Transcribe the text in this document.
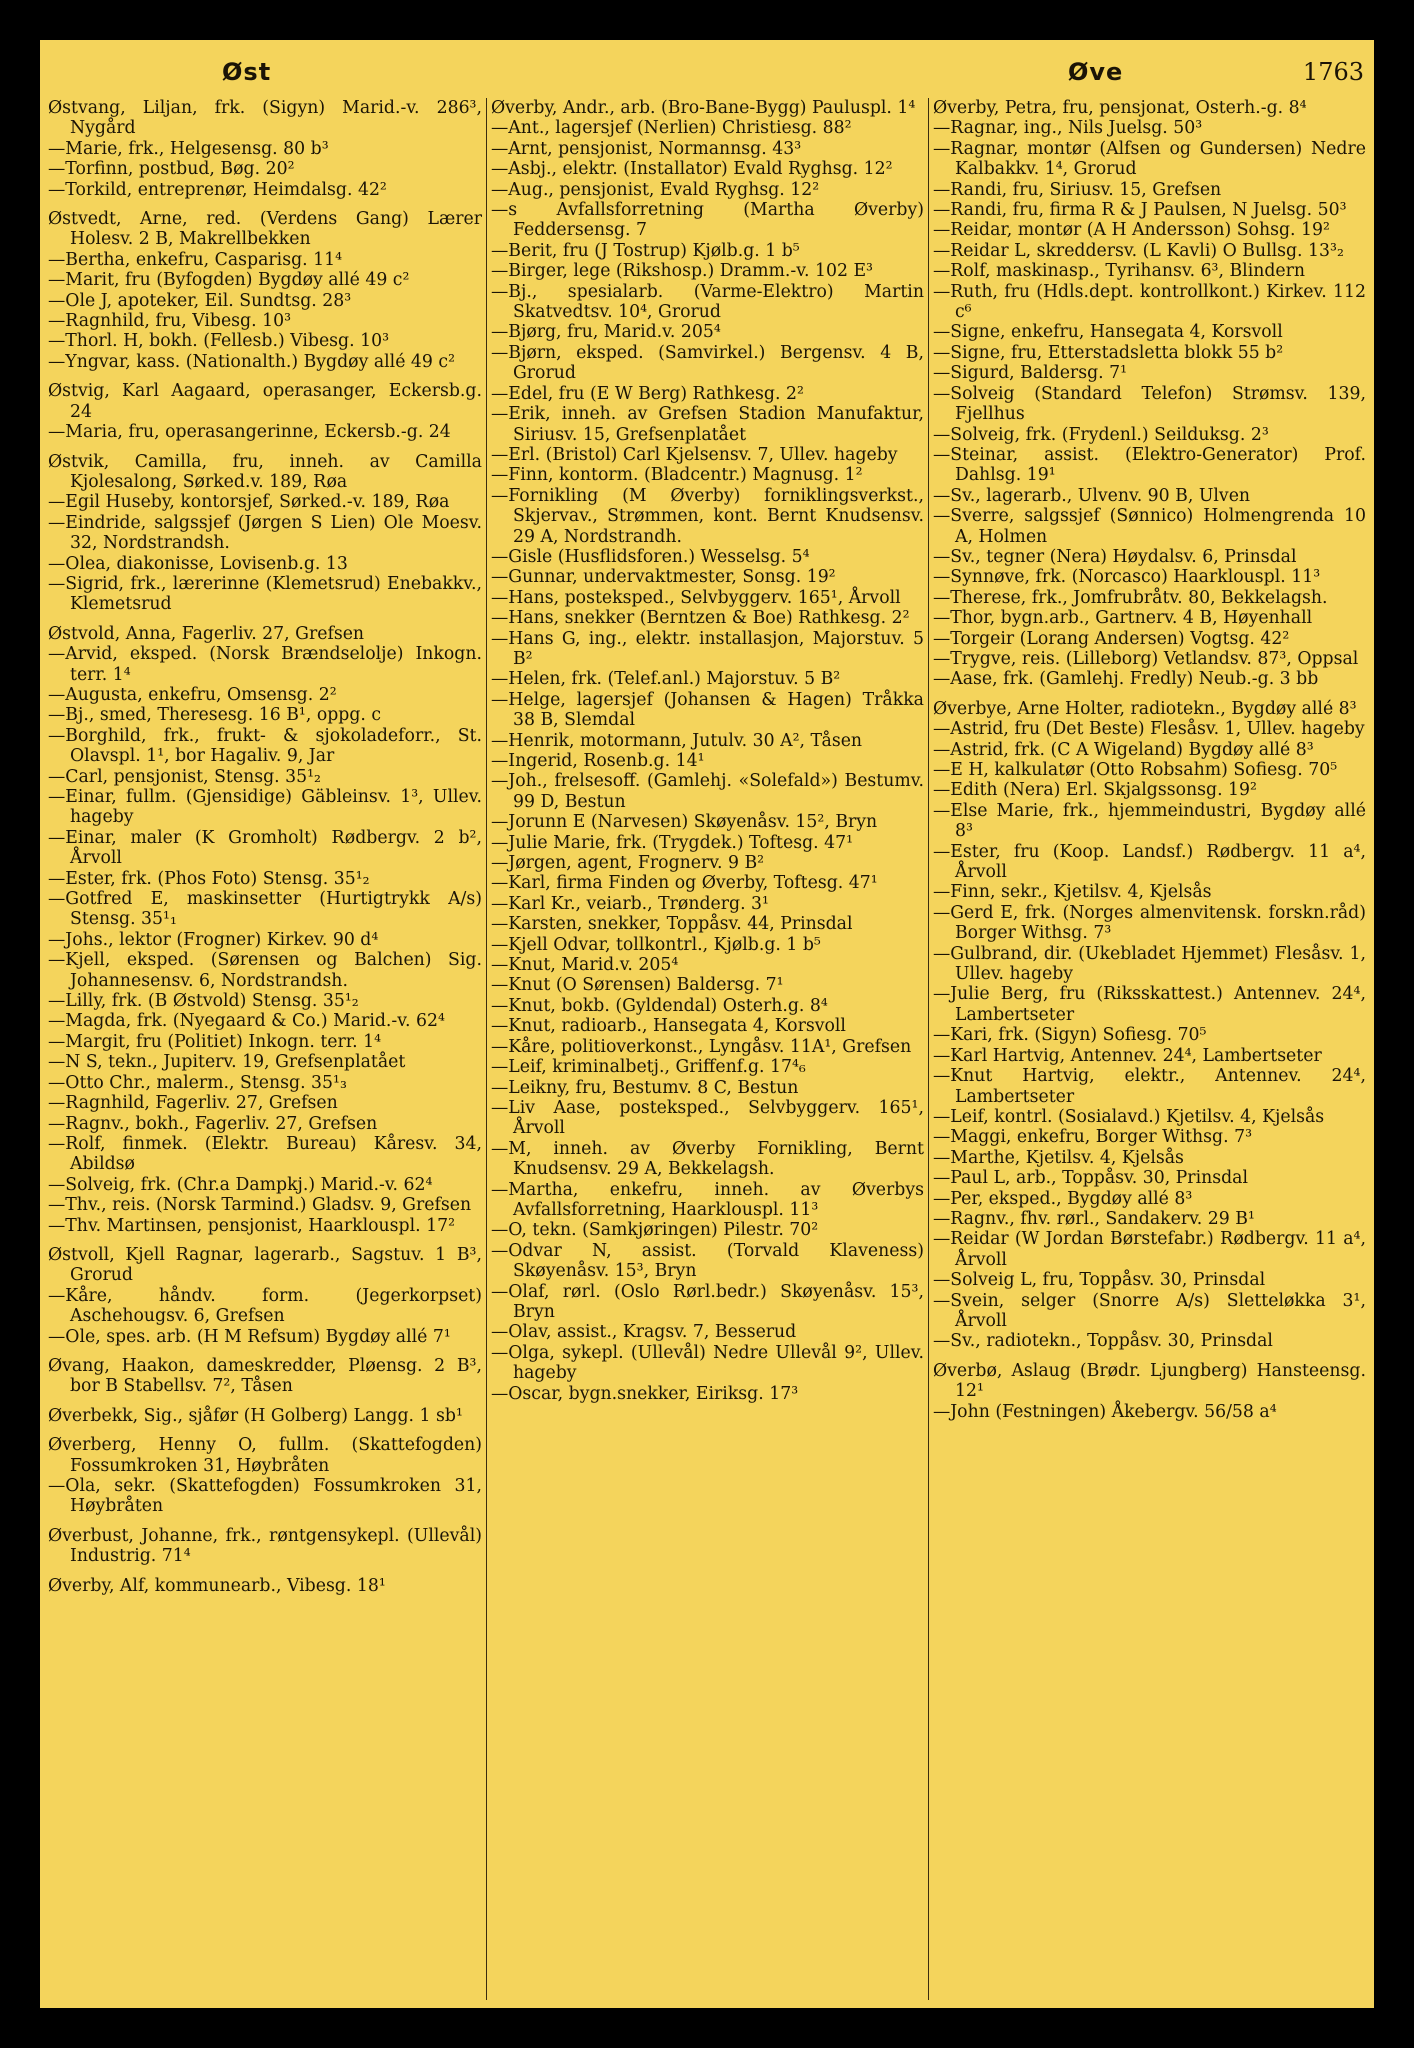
Øst	Øve	1763

Østvang, Liljan, frk. (Sigyn) Marid.-v. 286³, Nygård

—Marie, frk., Helgesensg. 80 b³

—Torfinn, postbud, Bøg. 20²

—Torkild, entreprenør, Heimdalsg. 42²

Østvedt, Arne, red. (Verdens Gang) Lærer Holesv. 2 B, Makrellbekken

—Bertha, enkefru, Casparisg. 11⁴

—Marit, fru (Byfogden) Bygdøy allé 49 c²

—Ole J, apoteker, Eil. Sundtsg. 28³

—Ragnhild, fru, Vibesg. 10³

—Thorl. H, bokh. (Fellesb.) Vibesg. 10³

—Yngvar, kass. (Nationalth.) Bygdøy allé 49 c²

Østvig, Karl Aagaard, operasanger, Eckersb.g. 24

—Maria, fru, operasangerinne, Eckersb.-g. 24

Østvik, Camilla, fru, inneh. av Camilla Kjolesalong, Sørked.v. 189, Røa

—Egil Huseby, kontorsjef, Sørked.-v. 189, Røa

—Eindride, salgssjef (Jørgen S Lien) Ole Moesv. 32, Nordstrandsh.

—Olea, diakonisse, Lovisenb.g. 13

—Sigrid, frk., lærerinne (Klemetsrud) Enebakkv., Klemetsrud

Østvold, Anna, Fagerliv. 27, Grefsen

—Arvid, eksped. (Norsk Brændselolje) Inkogn. terr. 1⁴

—Augusta, enkefru, Omsensg. 2²

—Bj., smed, Theresesg. 16 B¹, oppg. c

—Borghild, frk., frukt- & sjokoladeforr., St. Olavspl. 1¹, bor Hagaliv. 9, Jar

—Carl, pensjonist, Stensg. 35¹₂

—Einar, fullm. (Gjensidige) Gäbleinsv. 1³, Ullev. hageby

—Einar, maler (K Gromholt) Rødbergv. 2 b², Årvoll

—Ester, frk. (Phos Foto) Stensg. 35¹₂

—Gotfred E, maskinsetter (Hurtigtrykk A/s) Stensg. 35¹₁

—Johs., lektor (Frogner) Kirkev. 90 d⁴

—Kjell, eksped. (Sørensen og Balchen) Sig. Johannesensv. 6, Nordstrandsh.

—Lilly, frk. (B Østvold) Stensg. 35¹₂

—Magda, frk. (Nyegaard & Co.) Marid.-v. 62⁴

—Margit, fru (Politiet) Inkogn. terr. 1⁴

—N S, tekn., Jupiterv. 19, Grefsenplatået

—Otto Chr., malerm., Stensg. 35¹₃

—Ragnhild, Fagerliv. 27, Grefsen

—Ragnv., bokh., Fagerliv. 27, Grefsen

—Rolf, finmek. (Elektr. Bureau) Kåresv. 34, Abildsø

—Solveig, frk. (Chr.a Dampkj.) Marid.-v. 62⁴

—Thv., reis. (Norsk Tarmind.) Gladsv. 9, Grefsen

—Thv. Martinsen, pensjonist, Haarklouspl. 17²

Østvoll, Kjell Ragnar, lagerarb., Sagstuv. 1 B³, Grorud

—Kåre, håndv. form. (Jegerkorpset) Aschehougsv. 6, Grefsen

—Ole, spes. arb. (H M Refsum) Bygdøy allé 7¹

Øvang, Haakon, dameskredder, Pløensg. 2 B³, bor B Stabellsv. 7², Tåsen

Øverbekk, Sig., sjåfør (H Golberg) Langg. 1 sb¹

Øverberg, Henny O, fullm. (Skattefogden) Fossumkroken 31, Høybråten

—Ola, sekr. (Skattefogden) Fossumkroken 31, Høybråten

Øverbust, Johanne, frk., røntgensykepl. (Ullevål) Industrig. 71⁴

Øverby, Alf, kommunearb., Vibesg. 18¹

Øverby, Andr., arb. (Bro-Bane-Bygg) Pauluspl. 1⁴

—Ant., lagersjef (Nerlien) Christiesg. 88²

—Arnt, pensjonist, Normannsg. 43³

—Asbj., elektr. (Installator) Evald Ryghsg. 12²

—Aug., pensjonist, Evald Ryghsg. 12²

—s Avfallsforretning (Martha Øverby) Feddersensg. 7

—Berit, fru (J Tostrup) Kjølb.g. 1 b⁵

—Birger, lege (Rikshosp.) Dramm.-v. 102 E³

—Bj., spesialarb. (Varme-Elektro) Martin Skatvedtsv. 10⁴, Grorud

—Bjørg, fru, Marid.v. 205⁴

—Bjørn, eksped. (Samvirkel.) Bergensv. 4 B, Grorud

—Edel, fru (E W Berg) Rathkesg. 2²

—Erik, inneh. av Grefsen Stadion Manufaktur, Siriusv. 15, Grefsenplatået

—Erl. (Bristol) Carl Kjelsensv. 7, Ullev. hageby

—Finn, kontorm. (Bladcentr.) Magnusg. 1²

—Fornikling (M Øverby) forniklingsverkst., Skjervav., Strømmen, kont. Bernt Knudsensv. 29 A, Nordstrandh.

—Gisle (Husflidsforen.) Wesselsg. 5⁴

—Gunnar, undervaktmester, Sonsg. 19²

—Hans, posteksped., Selvbyggerv. 165¹, Årvoll

—Hans, snekker (Berntzen & Boe) Rathkesg. 2²

—Hans G, ing., elektr. installasjon, Majorstuv. 5 B²

—Helen, frk. (Telef.anl.) Majorstuv. 5 B²

—Helge, lagersjef (Johansen & Hagen) Tråkka 38 B, Slemdal

—Henrik, motormann, Jutulv. 30 A², Tåsen

—Ingerid, Rosenb.g. 14¹

—Joh., frelsesoff. (Gamlehj. «Solefald») Bestumv. 99 D, Bestun

—Jorunn E (Narvesen) Skøyenåsv. 15², Bryn

—Julie Marie, frk. (Trygdek.) Toftesg. 47¹

—Jørgen, agent, Frognerv. 9 B²

—Karl, firma Finden og Øverby, Toftesg. 47¹

—Karl Kr., veiarb., Trønderg. 3¹

—Karsten, snekker, Toppåsv. 44, Prinsdal

—Kjell Odvar, tollkontrl., Kjølb.g. 1 b⁵

—Knut, Marid.v. 205⁴

—Knut (O Sørensen) Baldersg. 7¹

—Knut, bokb. (Gyldendal) Osterh.g. 8⁴

—Knut, radioarb., Hansegata 4, Korsvoll

—Kåre, politioverkonst., Lyngåsv. 11A¹, Grefsen

—Leif, kriminalbetj., Griffenf.g. 17⁴₆

—Leikny, fru, Bestumv. 8 C, Bestun

—Liv Aase, posteksped., Selvbyggerv. 165¹, Årvoll

—M, inneh. av Øverby Fornikling, Bernt Knudsensv. 29 A, Bekkelagsh.

—Martha, enkefru, inneh. av Øverbys Avfallsforretning, Haarklouspl. 11³

—O, tekn. (Samkjøringen) Pilestr. 70²

—Odvar N, assist. (Torvald Klaveness) Skøyenåsv. 15³, Bryn

—Olaf, rørl. (Oslo Rørl.bedr.) Skøyenåsv. 15³, Bryn

—Olav, assist., Kragsv. 7, Besserud

—Olga, sykepl. (Ullevål) Nedre Ullevål 9², Ullev. hageby

—Oscar, bygn.snekker, Eiriksg. 17³

Øverby, Petra, fru, pensjonat, Osterh.-g. 8⁴

—Ragnar, ing., Nils Juelsg. 50³

—Ragnar, montør (Alfsen og Gundersen) Nedre Kalbakkv. 1⁴, Grorud

—Randi, fru, Siriusv. 15, Grefsen

—Randi, fru, firma R & J Paulsen, N Juelsg. 50³

—Reidar, montør (A H Andersson) Sohsg. 19²

—Reidar L, skreddersv. (L Kavli) O Bullsg. 13³₂

—Rolf, maskinasp., Tyrihansv. 6³, Blindern

—Ruth, fru (Hdls.dept. kontrollkont.) Kirkev. 112 c⁶

—Signe, enkefru, Hansegata 4, Korsvoll

—Signe, fru, Etterstadsletta blokk 55 b²

—Sigurd, Baldersg. 7¹

—Solveig (Standard Telefon) Strømsv. 139, Fjellhus

—Solveig, frk. (Frydenl.) Seilduksg. 2³

—Steinar, assist. (Elektro-Generator) Prof. Dahlsg. 19¹

—Sv., lagerarb., Ulvenv. 90 B, Ulven

—Sverre, salgssjef (Sønnico) Holmengrenda 10 A, Holmen

—Sv., tegner (Nera) Høydalsv. 6, Prinsdal

—Synnøve, frk. (Norcasco) Haarklouspl. 11³

—Therese, frk., Jomfrubråtv. 80, Bekkelagsh.

—Thor, bygn.arb., Gartnerv. 4 B, Høyenhall

—Torgeir (Lorang Andersen) Vogtsg. 42²

—Trygve, reis. (Lilleborg) Vetlandsv. 87³, Oppsal

—Aase, frk. (Gamlehj. Fredly) Neub.-g. 3 bb

Øverbye, Arne Holter, radiotekn., Bygdøy allé 8³

—Astrid, fru (Det Beste) Flesåsv. 1, Ullev. hageby

—Astrid, frk. (C A Wigeland) Bygdøy allé 8³

—E H, kalkulatør (Otto Robsahm) Sofiesg. 70⁵

—Edith (Nera) Erl. Skjalgssonsg. 19²

—Else Marie, frk., hjemmeindustri, Bygdøy allé 8³

—Ester, fru (Koop. Landsf.) Rødbergv. 11 a⁴, Årvoll

—Finn, sekr., Kjetilsv. 4, Kjelsås

—Gerd E, frk. (Norges almenvitensk. forskn.råd) Borger Withsg. 7³

—Gulbrand, dir. (Ukebladet Hjemmet) Flesåsv. 1, Ullev. hageby

—Julie Berg, fru (Riksskattest.) Antennev. 24⁴, Lambertseter

—Kari, frk. (Sigyn) Sofiesg. 70⁵

—Karl Hartvig, Antennev. 24⁴, Lambertseter

—Knut Hartvig, elektr., Antennev. 24⁴, Lambertseter

—Leif, kontrl. (Sosialavd.) Kjetilsv. 4, Kjelsås

—Maggi, enkefru, Borger Withsg. 7³

—Marthe, Kjetilsv. 4, Kjelsås

—Paul L, arb., Toppåsv. 30, Prinsdal

—Per, eksped., Bygdøy allé 8³

—Ragnv., fhv. rørl., Sandakerv. 29 B¹

—Reidar (W Jordan Børstefabr.) Rødbergv. 11 a⁴, Årvoll

—Solveig L, fru, Toppåsv. 30, Prinsdal

—Svein, selger (Snorre A/s) Sletteløkka 3¹, Årvoll

—Sv., radiotekn., Toppåsv. 30, Prinsdal

Øverbø, Aslaug (Brødr. Ljungberg) Hansteensg. 12¹

—John (Festningen) Åkebergv. 56/58 a⁴
